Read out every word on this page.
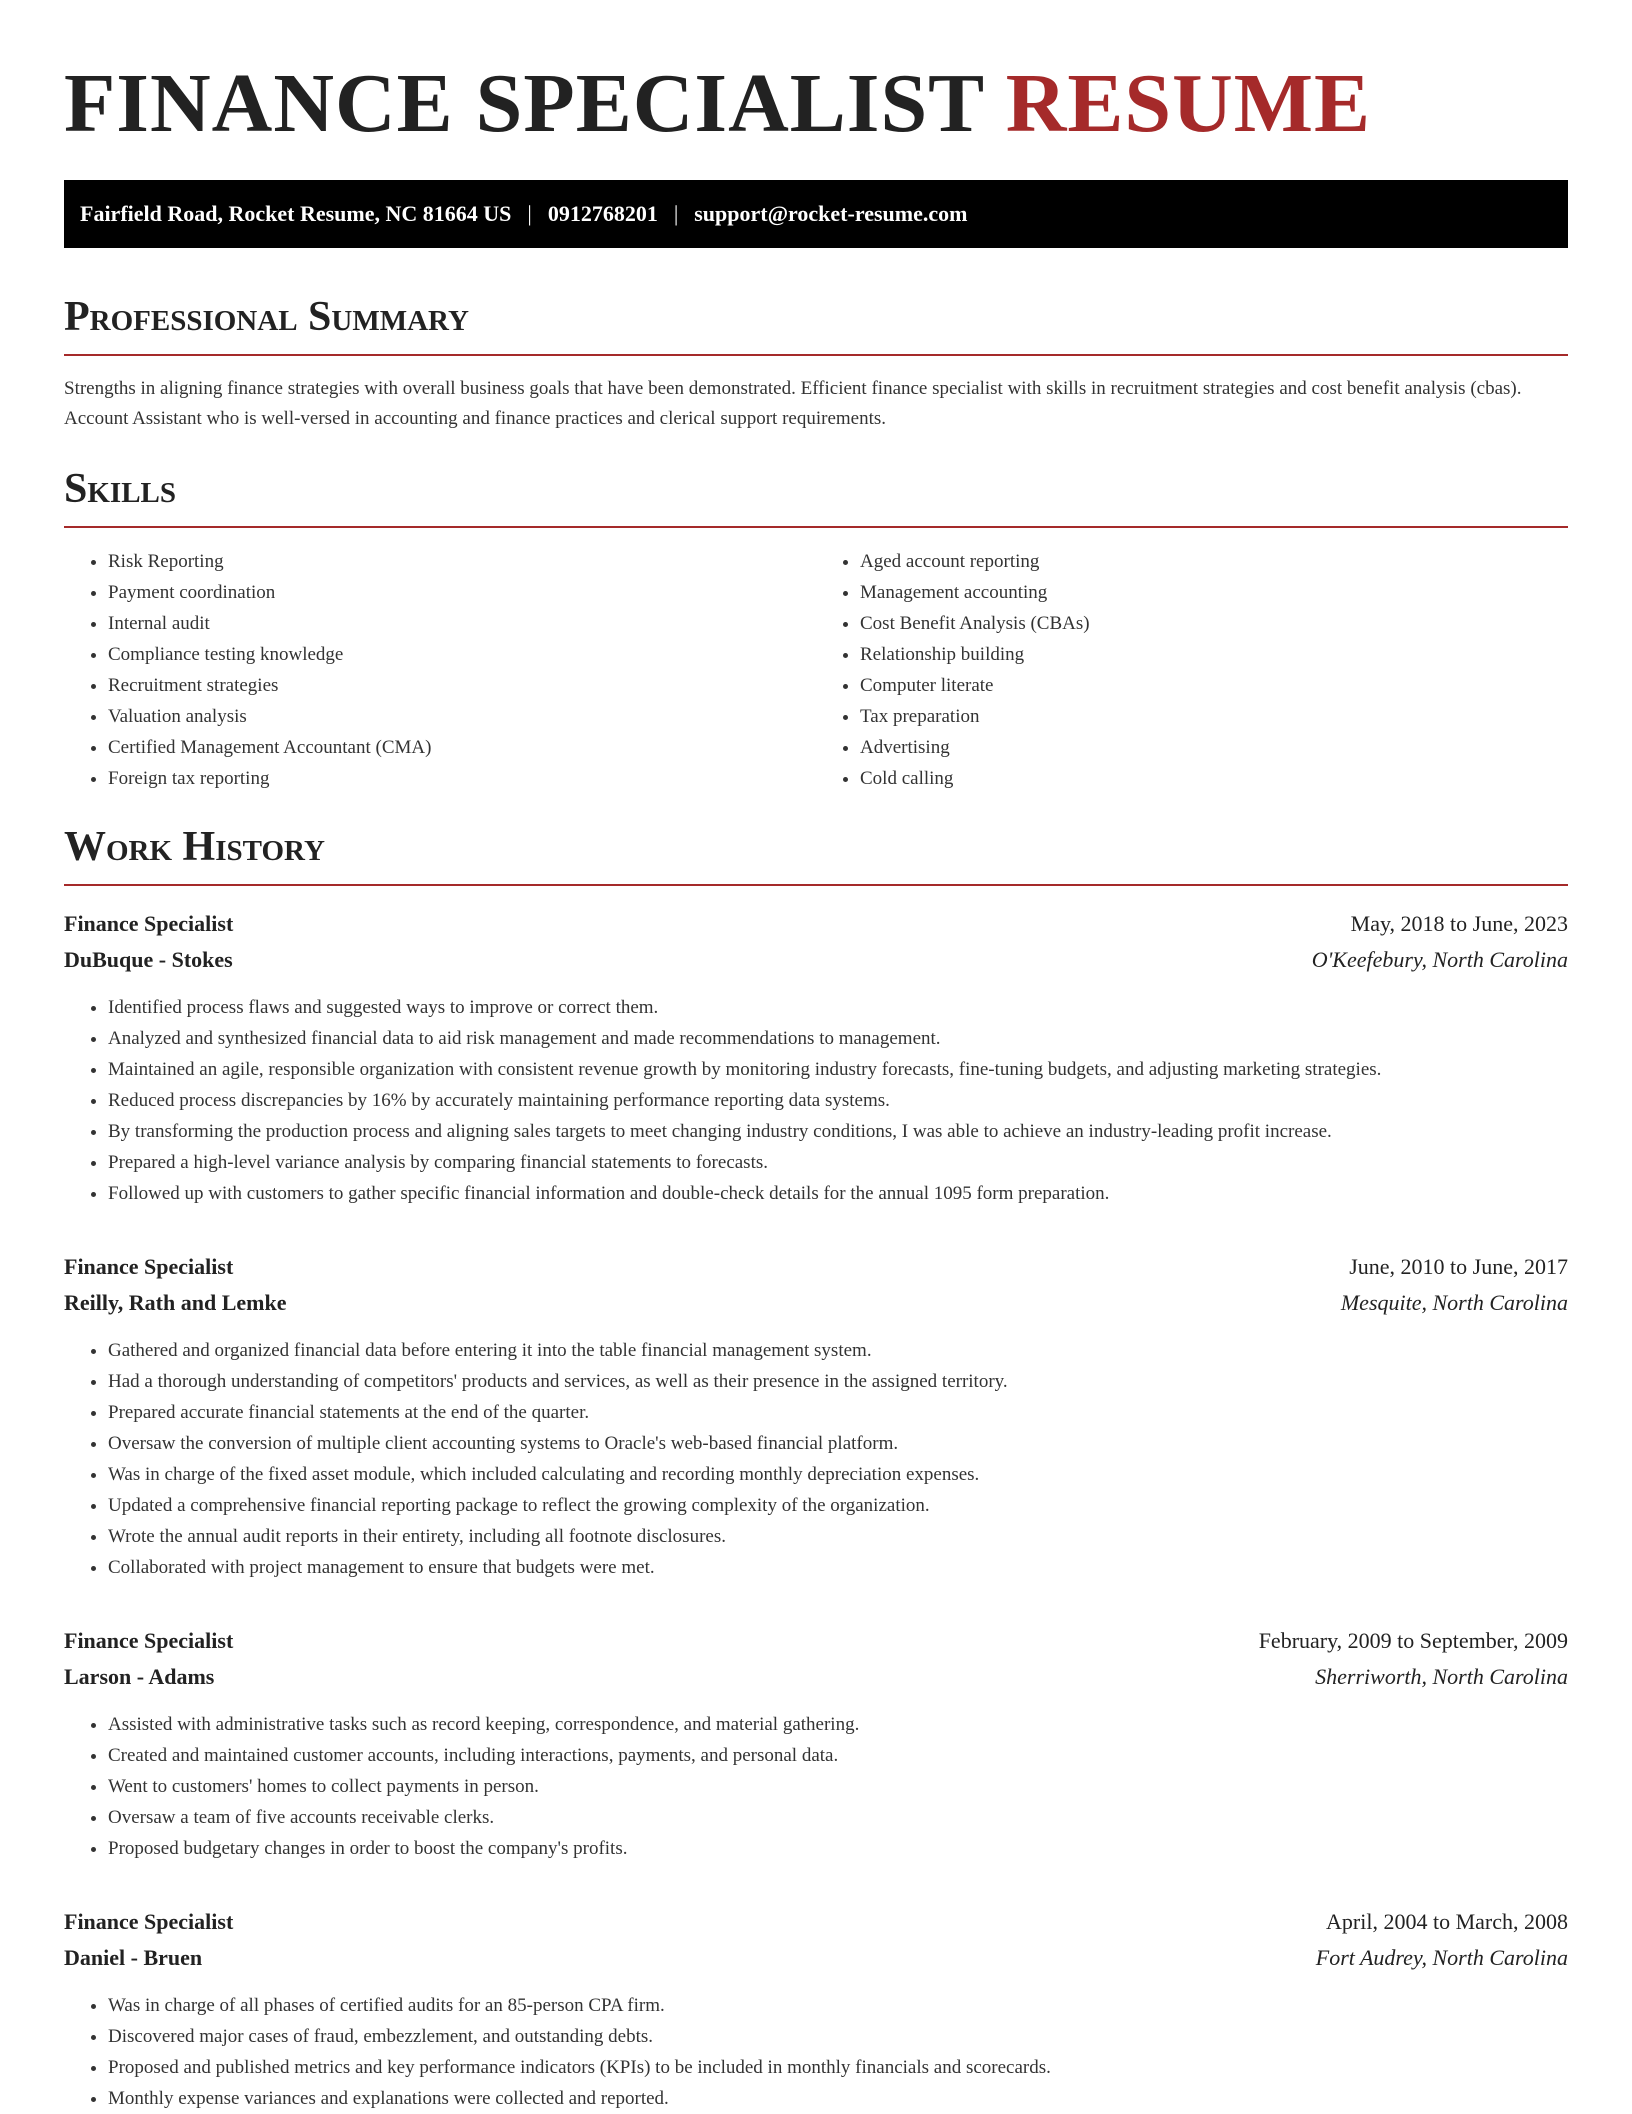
FINANCE SPECIALIST RESUME
Fairfield Road, Rocket Resume, NC 81664 US | 0912768201 | support@rocket-resume.com
Professional Summary

Strengths in aligning finance strategies with overall business goals that have been demonstrated. Efficient finance specialist with skills in recruitment strategies and cost benefit analysis (cbas). Account Assistant who is well-versed in accounting and finance practices and clerical support requirements.

Skills
• Risk Reporting
• Payment coordination
• Internal audit
• Compliance testing knowledge
• Recruitment strategies
• Valuation analysis
• Certified Management Accountant (CMA)
• Foreign tax reporting
• Aged account reporting
• Management accounting
• Cost Benefit Analysis (CBAs)
• Relationship building
• Computer literate
• Tax preparation
• Advertising
• Cold calling
Work History
Finance Specialist	May, 2018 to June, 2023
DuBuque - Stokes	O'Keefebury, North Carolina
• Identified process flaws and suggested ways to improve or correct them.
• Analyzed and synthesized financial data to aid risk management and made recommendations to management.
• Maintained an agile, responsible organization with consistent revenue growth by monitoring industry forecasts, fine-tuning budgets, and adjusting marketing strategies.
• Reduced process discrepancies by 16% by accurately maintaining performance reporting data systems.
• By transforming the production process and aligning sales targets to meet changing industry conditions, I was able to achieve an industry-leading profit increase.
• Prepared a high-level variance analysis by comparing financial statements to forecasts.
• Followed up with customers to gather specific financial information and double-check details for the annual 1095 form preparation.
Finance Specialist	June, 2010 to June, 2017
Reilly, Rath and Lemke	Mesquite, North Carolina
• Gathered and organized financial data before entering it into the table financial management system.
• Had a thorough understanding of competitors' products and services, as well as their presence in the assigned territory.
• Prepared accurate financial statements at the end of the quarter.
• Oversaw the conversion of multiple client accounting systems to Oracle's web-based financial platform.
• Was in charge of the fixed asset module, which included calculating and recording monthly depreciation expenses.
• Updated a comprehensive financial reporting package to reflect the growing complexity of the organization.
• Wrote the annual audit reports in their entirety, including all footnote disclosures.
• Collaborated with project management to ensure that budgets were met.
Finance Specialist	February, 2009 to September, 2009
Larson - Adams	Sherriworth, North Carolina
• Assisted with administrative tasks such as record keeping, correspondence, and material gathering.
• Created and maintained customer accounts, including interactions, payments, and personal data.
• Went to customers' homes to collect payments in person.
• Oversaw a team of five accounts receivable clerks.
• Proposed budgetary changes in order to boost the company's profits.
Finance Specialist	April, 2004 to March, 2008
Daniel - Bruen	Fort Audrey, North Carolina
• Was in charge of all phases of certified audits for an 85-person CPA firm.
• Discovered major cases of fraud, embezzlement, and outstanding debts.
• Proposed and published metrics and key performance indicators (KPIs) to be included in monthly financials and scorecards.
• Monthly expense variances and explanations were collected and reported.
